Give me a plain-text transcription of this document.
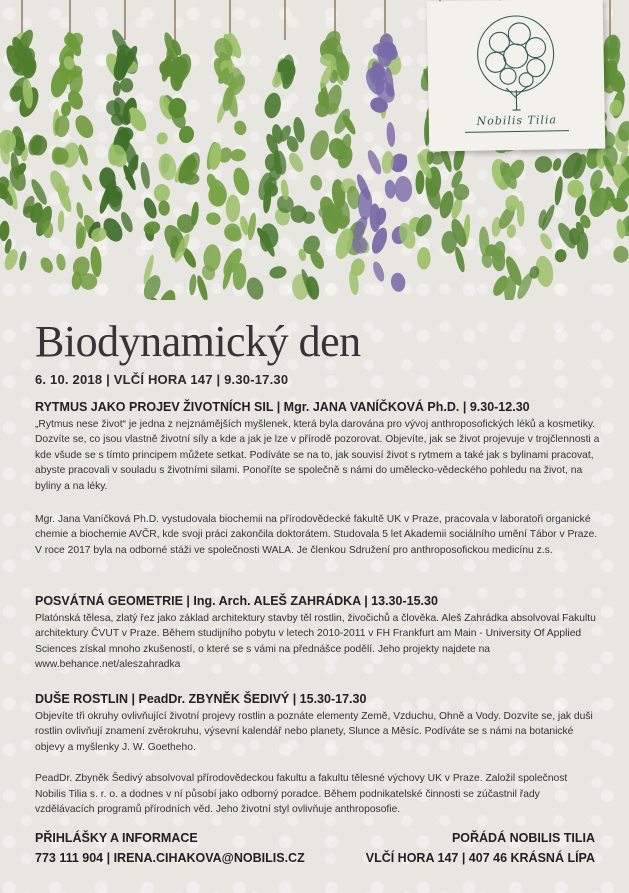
Nobilis Tilia
Biodynamický den
6. 10. 2018 | VLČÍ HORA 147 | 9.30-17.30
RYTMUS JAKO PROJEV ŽIVOTNÍCH SIL | Mgr. JANA VANÍČKOVÁ Ph.D. | 9.30-12.30

„Rytmus nese život“ je jedna z nejznámějších myšlenek, která byla darována pro vývoj anthroposofických léků a kosmetiky. Dozvíte se, co jsou vlastně životní síly a kde a jak je lze v přírodě pozorovat. Objevíte, jak se život projevuje v trojčlennosti a kde všude se s tímto principem můžete setkat. Podíváte se na to, jak souvisí život s rytmem a také jak s bylinami pracovat, abyste pracovali v souladu s životními silami. Ponoříte se společně s námi do umělecko-vědeckého pohledu na život, na byliny a na léky.

Mgr. Jana Vaníčková Ph.D. vystudovala biochemii na přírodovědecké fakultě UK v Praze, pracovala v laboratoři organické chemie a biochemie AVČR, kde svoji práci zakončila doktorátem. Studovala 5 let Akademii sociálního umění Tábor v Praze. V roce 2017 byla na odborné stáži ve společnosti WALA. Je členkou Sdružení pro anthroposofickou medicínu z.s.

POSVÁTNÁ GEOMETRIE | Ing. Arch. ALEŠ ZAHRÁDKA | 13.30-15.30

Platónská tělesa, zlatý řez jako základ architektury stavby těl rostlin, živočichů a člověka. Aleš Zahrádka absolvoval Fakultu architektury ČVUT v Praze. Během studijního pobytu v letech 2010-2011 v FH Frankfurt am Main - University Of Applied Sciences získal mnoho zkušeností, o které se s vámi na přednášce podělí. Jeho projekty najdete na www.behance.net/aleszahradka

DUŠE ROSTLIN | PeadDr. ZBYNĚK ŠEDIVÝ | 15.30-17.30

Objevíte tři okruhy ovlivňující životní projevy rostlin a poznáte elementy Země, Vzduchu, Ohně a Vody. Dozvíte se, jak duši rostlin ovlivňují znamení zvěrokruhu, výsevní kalendář nebo planety, Slunce a Měsíc. Podíváte se s námi na botanické objevy a myšlenky J. W. Goetheho.

PeadDr. Zbyněk Šedivý absolvoval přírodovědeckou fakultu a fakultu tělesné výchovy UK v Praze. Založil společnost Nobilis Tilia s. r. o. a dodnes v ní působí jako odborný poradce. Během podnikatelské činnosti se zúčastnil řady vzdělávacích programů přírodních věd. Jeho životní styl ovlivňuje anthroposofie.

PŘIHLÁŠKY A INFORMACE
773 111 904 | IRENA.CIHAKOVA@NOBILIS.CZ
POŘÁDÁ NOBILIS TILIA
VLČÍ HORA 147 | 407 46 KRÁSNÁ LÍPA
